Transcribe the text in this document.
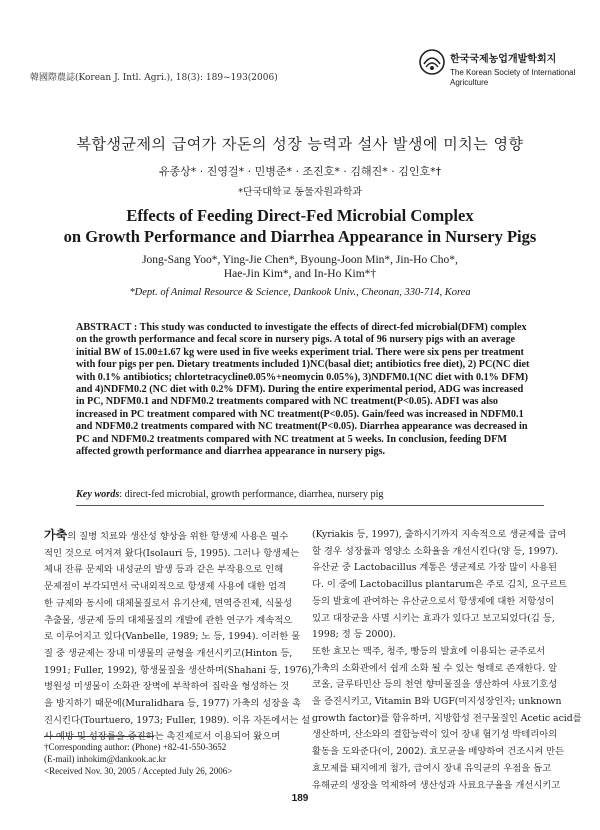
韓國際農誌(Korean J. Intl. Agri.), 18(3): 189~193(2006)
한국국제농업개발학회지
The Korean Society of International
Agriculture
복합생균제의 급여가 자돈의 성장 능력과 설사 발생에 미치는 영향
유종상* · 진영걸* · 민병준* · 조진호* · 김해진* · 김인호*†
*단국대학교 동물자원과학과
Effects of Feeding Direct-Fed Microbial Complex
on Growth Performance and Diarrhea Appearance in Nursery Pigs
Jong-Sang Yoo*, Ying-Jie Chen*, Byoung-Joon Min*, Jin-Ho Cho*,
Hae-Jin Kim*, and In-Ho Kim*†
*Dept. of Animal Resource & Science, Dankook Univ., Cheonan, 330-714, Korea
ABSTRACT : This study was conducted to investigate the effects of direct-fed microbial(DFM) complex
on the growth performance and fecal score in nursery pigs. A total of 96 nursery pigs with an average
initial BW of 15.00±1.67 kg were used in five weeks experiment trial. There were six pens per treatment
with four pigs per pen. Dietary treatments included 1)NC(basal diet; antibiotics free diet), 2) PC(NC diet
with 0.1% antibiotics; chlortetracycline0.05%+neomycin 0.05%), 3)NDFM0.1(NC diet with 0.1% DFM)
and 4)NDFM0.2 (NC diet with 0.2% DFM). During the entire experimental period, ADG was increased
in PC, NDFM0.1 and NDFM0.2 treatments compared with NC treatment(P<0.05). ADFI was also
increased in PC treatment compared with NC treatment(P<0.05). Gain/feed was increased in NDFM0.1
and NDFM0.2 treatments compared with NC treatment(P<0.05). Diarrhea appearance was decreased in
PC and NDFM0.2 treatments compared with NC treatment at 5 weeks. In conclusion, feeding DFM
affected growth performance and diarrhea appearance in nursery pigs.
Key words: direct-fed microbial, growth performance, diarrhea, nursery pig
가축의 질병 치료와 생산성 향상을 위한 항생제 사용은 필수
적인 것으로 여겨져 왔다(Isolauri 등, 1995). 그러나 항생제는
체내 잔류 문제와 내성균의 발생 등과 같은 부작용으로 인해
문제점이 부각되면서 국내외적으로 항생제 사용에 대한 엄격
한 규제와 동시에 대체물질로서 유기산제, 면역증진제, 식물성
추출물, 생균제 등의 대체물질의 개발에 관한 연구가 계속적으
로 이루어지고 있다(Vanbelle, 1989; 노 등, 1994). 이러한 물
질 중 생균제는 장내 미생물의 균형을 개선시키고(Hinton 등,
1991; Fuller, 1992), 항생물질을 생산하며(Shahani 등, 1976),
병원성 미생물이 소화관 장벽에 부착하여 집락을 형성하는 것
을 방지하기 때문에(Muralidhara 등, 1977) 가축의 성장을 촉
진시킨다(Tourtuero, 1973; Fuller, 1989). 이유 자돈에서는 설
사 예방 및 성장률을 증진하는 촉진제로서 이용되어 왔으며
(Kyriakis 등, 1997), 출하시기까지 지속적으로 생균제를 급여
할 경우 성장률과 영양소 소화율을 개선시킨다(양 등, 1997).
유산균 중 Lactobacillus 계통은 생균제로 가장 많이 사용된
다. 이 중에 Lactobacillus plantarum은 주로 김치, 요구르트
등의 발효에 관여하는 유산균으로서 항생제에 대한 저항성이
있고 대장균을 사멸 시키는 효과가 있다고 보고되었다(김 등,
1998; 정 등 2000).
또한 효모는 맥주, 청주, 빵등의 발효에 이용되는 균주로서
가축의 소화관에서 쉽게 소화 될 수 있는 형태로 존재한다. 알
코올, 글루타민산 등의 천연 향미물질을 생산하여 사료기호성
을 증진시키고, Vitamin B와 UGF(미지성장인자; unknown
growth factor)를 함유하며, 지방합성 전구물질인 Acetic acid를
생산하며, 산소와의 결합능력이 있어 장내 혐기성 박테리아의
활동을 도와준다(이, 2002). 효모균을 배양하여 건조시켜 만든
효모제를 돼지에게 첨가, 급여시 장내 유익균의 우점을 돕고
유해균의 생장을 억제하여 생산성과 사료요구율을 개선시키고
†Corresponding author: (Phone) +82-41-550-3652
(E-mail) inhokim@dankook.ac.kr
<Received Nov. 30, 2005 / Accepted July 26, 2006>
189
